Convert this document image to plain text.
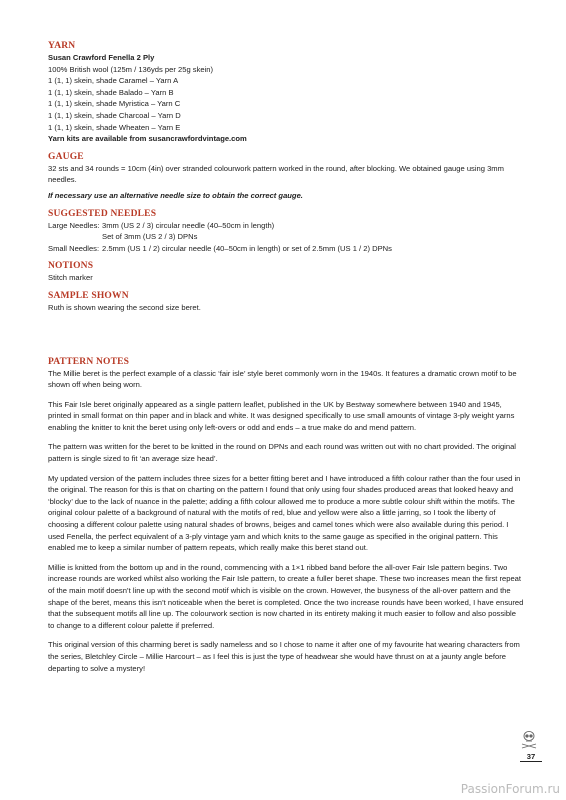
YARN

Susan Crawford Fenella 2 Ply

100% British wool (125m / 136yds per 25g skein)

1 (1, 1) skein, shade Caramel – Yarn A

1 (1, 1) skein, shade Balado – Yarn B

1 (1, 1) skein, shade Myristica – Yarn C

1 (1, 1) skein, shade Charcoal – Yarn D

1 (1, 1) skein, shade Wheaten – Yarn E

Yarn kits are available from susancrawfordvintage.com

GAUGE

32 sts and 34 rounds = 10cm (4in) over stranded colourwork pattern worked in the round, after blocking. We obtained gauge using 3mm needles.

If necessary use an alternative needle size to obtain the correct gauge.

SUGGESTED NEEDLES

Large Needles: 3mm (US 2 / 3) circular needle (40–50cm in length)
Set of 3mm (US 2 / 3) DPNs
Small Needles: 2.5mm (US 1 / 2) circular needle (40–50cm in length) or set of 2.5mm (US 1 / 2) DPNs

NOTIONS

Stitch marker

SAMPLE SHOWN

Ruth is shown wearing the second size beret.

PATTERN NOTES

The Millie beret is the perfect example of a classic ‘fair isle’ style beret commonly worn in the 1940s. It features a dramatic crown motif to be shown off when being worn.

This Fair Isle beret originally appeared as a single pattern leaflet, published in the UK by Bestway somewhere between 1940 and 1945, printed in small format on thin paper and in black and white. It was designed specifically to use small amounts of vintage 3-ply weight yarns enabling the knitter to knit the beret using only left-overs or odd and ends – a true make do and mend pattern.

The pattern was written for the beret to be knitted in the round on DPNs and each round was written out with no chart provided. The original pattern is single sized to fit ‘an average size head’.

My updated version of the pattern includes three sizes for a better fitting beret and I have introduced a fifth colour rather than the four used in the original. The reason for this is that on charting on the pattern I found that only using four shades produced areas that looked heavy and ‘blocky’ due to the lack of nuance in the palette; adding a fifth colour allowed me to produce a more subtle colour shift within the motifs. The original colour palette of a background of natural with the motifs of red, blue and yellow were also a little jarring, so I took the liberty of choosing a different colour palette using natural shades of browns, beiges and camel tones which were also available during this period. I used Fenella, the perfect equivalent of a 3-ply vintage yarn and which knits to the same gauge as specified in the original pattern. This enabled me to keep a similar number of pattern repeats, which really make this beret stand out.

Millie is knitted from the bottom up and in the round, commencing with a 1×1 ribbed band before the all-over Fair Isle pattern begins. Two increase rounds are worked whilst also working the Fair Isle pattern, to create a fuller beret shape. These two increases mean the first repeat of the main motif doesn’t line up with the second motif which is visible on the crown. However, the busyness of the all-over pattern and the shape of the beret, means this isn’t noticeable when the beret is completed. Once the two increase rounds have been worked, I have ensured that the subsequent motifs all line up. The colourwork section is now charted in its entirety making it much easier to follow and also possible to change to a different colour palette if preferred.

This original version of this charming beret is sadly nameless and so I chose to name it after one of my favourite hat wearing characters from the series, Bletchley Circle – Millie Harcourt – as I feel this is just the type of headwear she would have thrust on at a jaunty angle before departing to solve a mystery!

37
PassionForum.ru
